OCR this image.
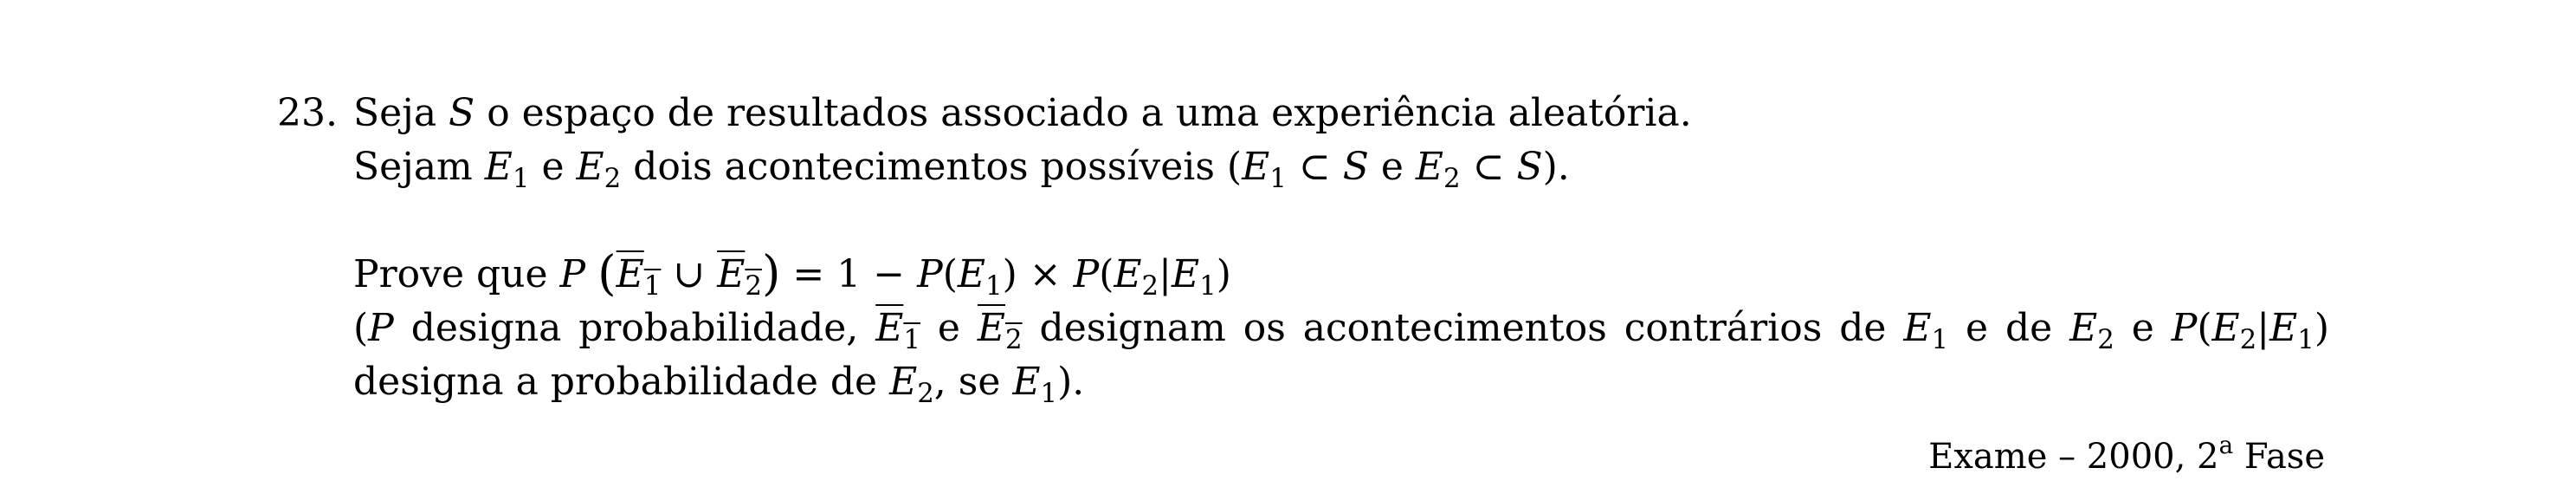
23. Seja S o espaço de resultados associado a uma experiência aleatória.
Sejam $E_1$ e $E_2$ dois acontecimentos possíveis ($E_1$ ⊂ S e $E_2$ ⊂ S).
Prove que P ($E_1$ ∪ $E_2) = 1 - P(E_1) \times P(E_2|E_1)$
(P designa probabilidade, $E_1$ e $E_2$ designam os acontecimentos contrários de $E_1$ e de $E_2$ e $P(E_2|E_1)$
designa a probabilidade de $E_2$, se $E_1$).
Exame – 2000, 2$^a$ Fase
